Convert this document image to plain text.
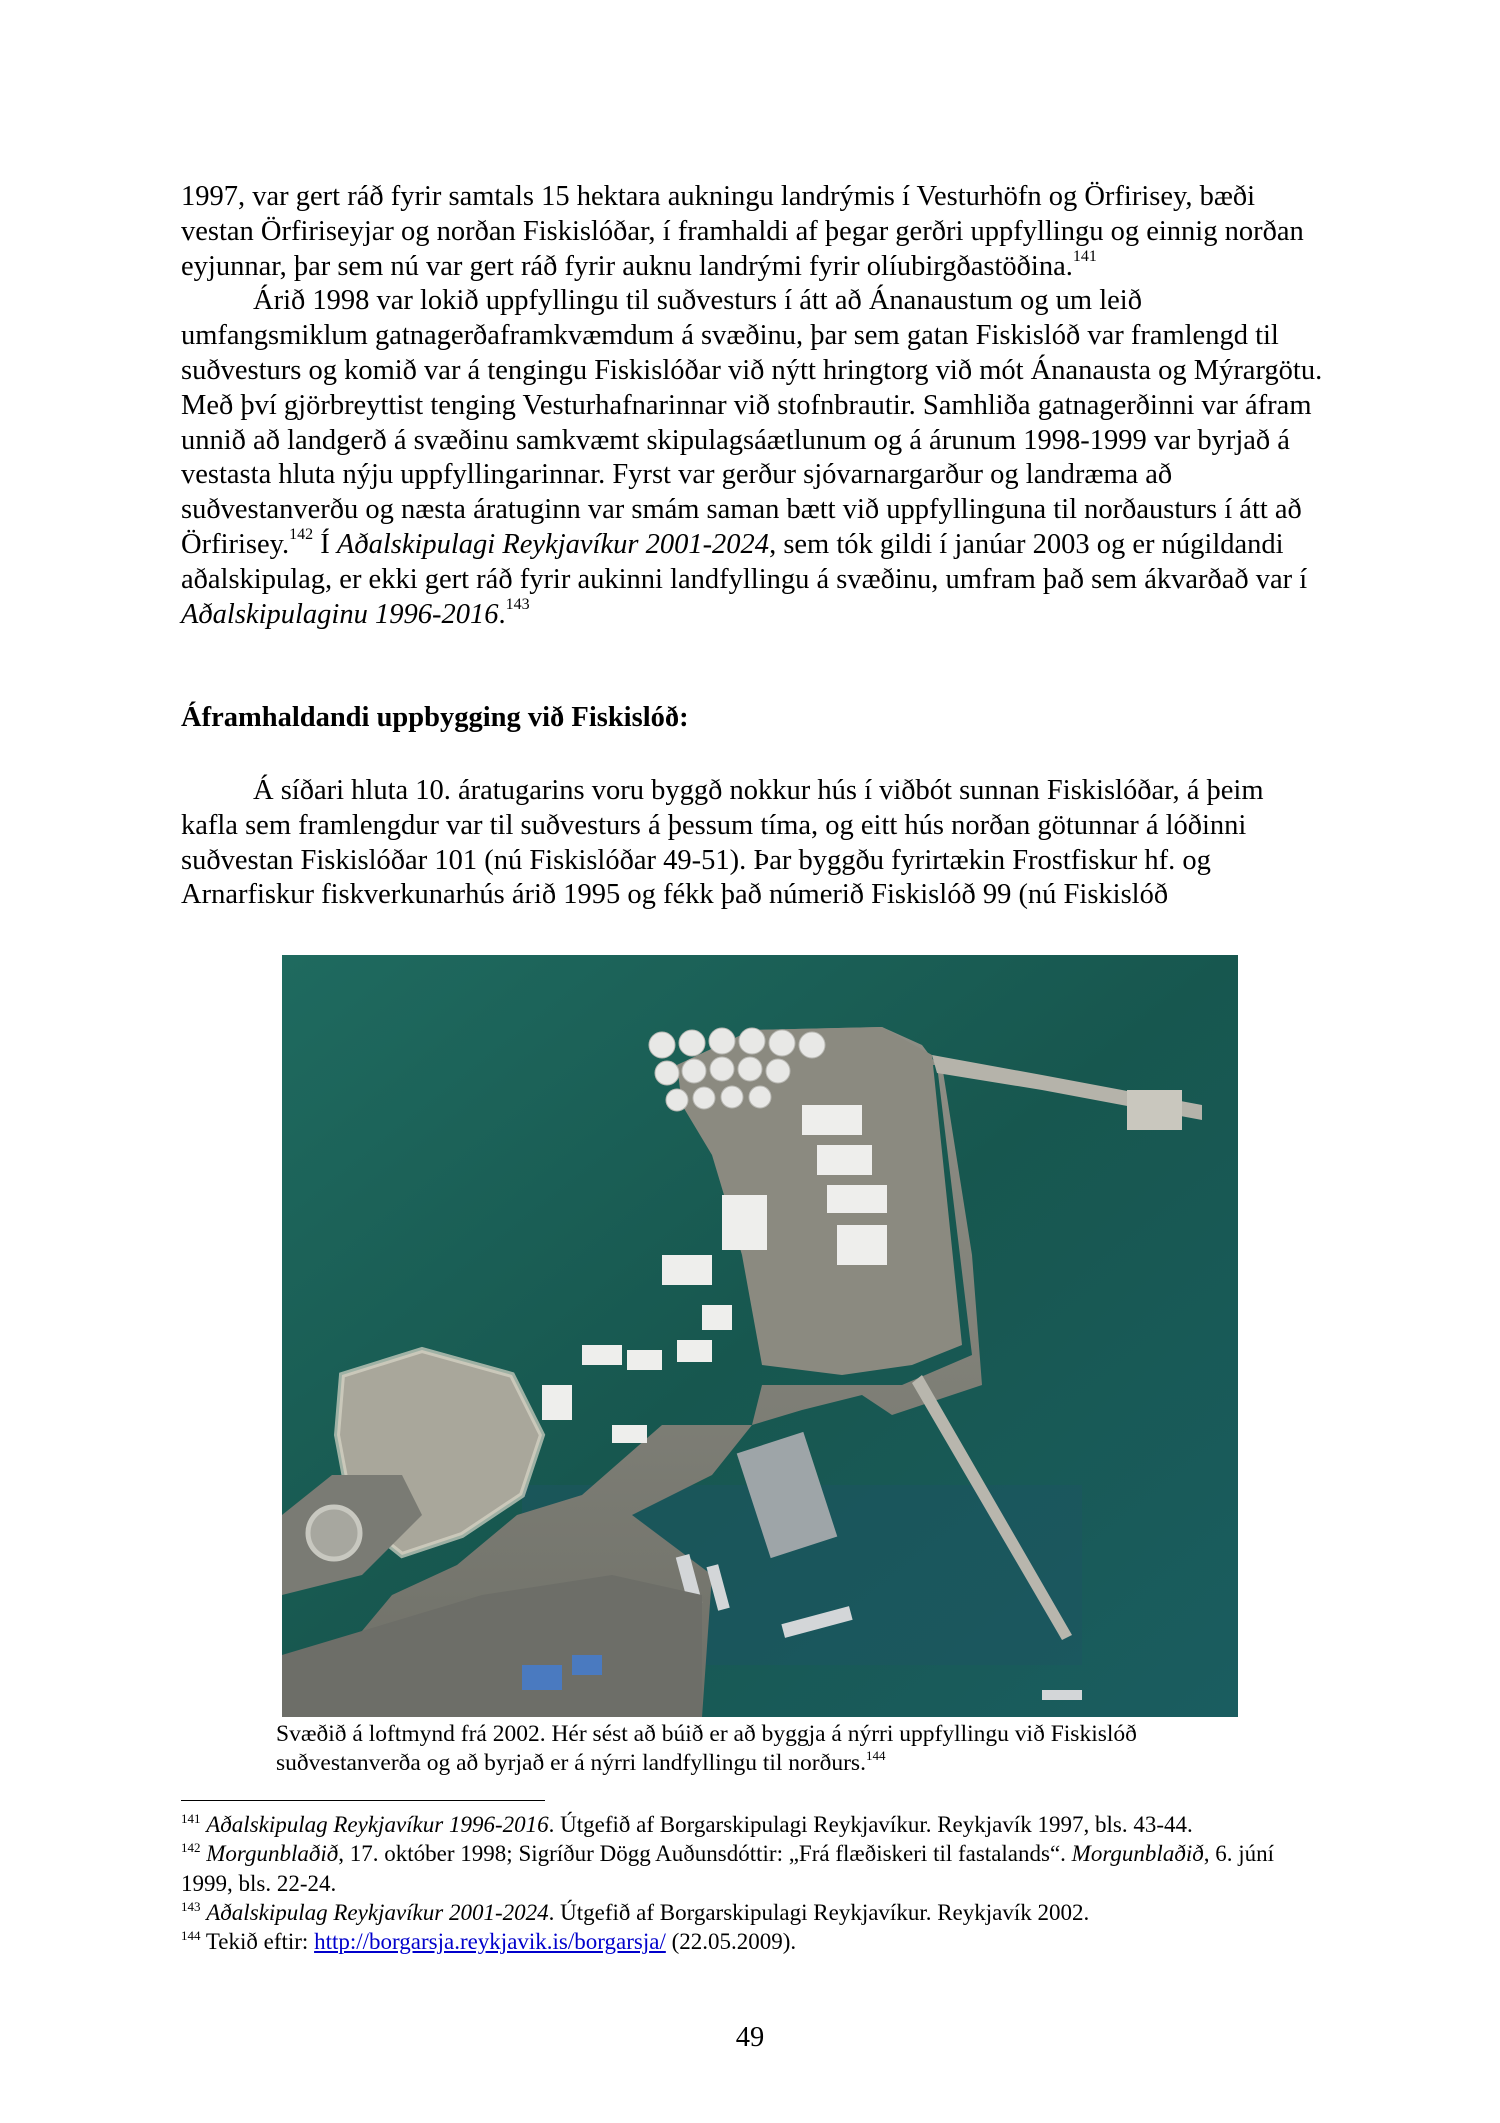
1997, var gert ráð fyrir samtals 15 hektara aukningu landrýmis í Vesturhöfn og Örfirisey, bæði vestan Örfiriseyjar og norðan Fiskislóðar, í framhaldi af þegar gerðri uppfyllingu og einnig norðan eyjunnar, þar sem nú var gert ráð fyrir auknu landrými fyrir olíubirgðastöðina.$^{141}$

Árið 1998 var lokið uppfyllingu til suðvesturs í átt að Ánanaustum og um leið umfangsmiklum gatnagerðaframkvæmdum á svæðinu, þar sem gatan Fiskislóð var framlengd til suðvesturs og komið var á tengingu Fiskislóðar við nýtt hringtorg við mót Ánanausta og Mýrargötu. Með því gjörbreyttist tenging Vesturhafnarinnar við stofnbrautir. Samhliða gatnagerðinni var áfram unnið að landgerð á svæðinu samkvæmt skipulagsáætlunum og á árunum 1998-1999 var byrjað á vestasta hluta nýju uppfyllingarinnar. Fyrst var gerður sjóvarnargarður og landræma að suðvestanverðu og næsta áratuginn var smám saman bætt við uppfyllinguna til norðausturs í átt að Örfirisey.$^{142}$ Í Aðalskipulagi Reykjavíkur 2001-2024, sem tók gildi í janúar 2003 og er núgildandi aðalskipulag, er ekki gert ráð fyrir aukinni landfyllingu á svæðinu, umfram það sem ákvarðað var í Aðalskipulaginu 1996-2016.$^{143}$

Áframhaldandi uppbygging við Fiskislóð:

Á síðari hluta 10. áratugarins voru byggð nokkur hús í viðbót sunnan Fiskislóðar, á þeim kafla sem framlengdur var til suðvesturs á þessum tíma, og eitt hús norðan götunnar á lóðinni suðvestan Fiskislóðar 101 (nú Fiskislóðar 49-51). Þar byggðu fyrirtækin Frostfiskur hf. og Arnarfiskur fiskverkunarhús árið 1995 og fékk það númerið Fiskislóð 99 (nú Fiskislóð

Svæðið á loftmynd frá 2002. Hér sést að búið er að byggja á nýrri uppfyllingu við Fiskislóð suðvestanverða og að byrjað er á nýrri landfyllingu til norðurs.$^{144}$

$^{141}$ Aðalskipulag Reykjavíkur 1996-2016. Útgefið af Borgarskipulagi Reykjavíkur. Reykjavík 1997, bls. 43-44.

$^{142}$ Morgunblaðið, 17. október 1998; Sigríður Dögg Auðunsdóttir: „Frá flæðiskeri til fastalands“. Morgunblaðið, 6. júní 1999, bls. 22-24.

$^{143}$ Aðalskipulag Reykjavíkur 2001-2024. Útgefið af Borgarskipulagi Reykjavíkur. Reykjavík 2002.

$^{144}$ Tekið eftir: http://borgarsja.reykjavik.is/borgarsja/ (22.05.2009).

49
